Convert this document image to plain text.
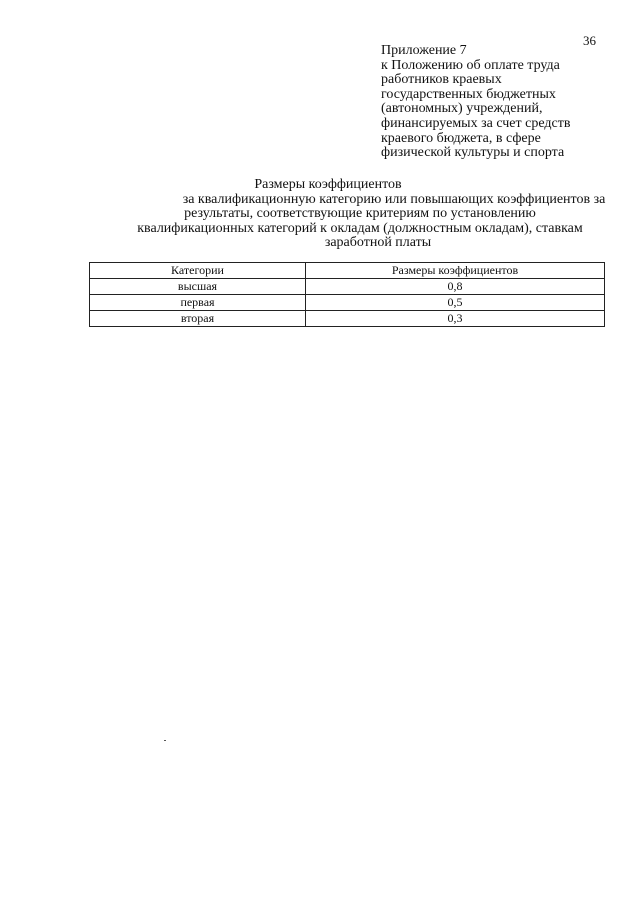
36
Приложение 7
к Положению об оплате труда
работников краевых
государственных бюджетных
(автономных) учреждений,
финансируемых за счет средств
краевого бюджета, в сфере
физической культуры и спорта
Размеры коэффициентов
за квалификационную категорию или повышающих коэффициентов за
результаты, соответствующие критериям по установлению
квалификационных категорий к окладам (должностным окладам), ставкам
заработной платы
Категории	Размеры коэффициентов
высшая	0,8
первая	0,5
вторая	0,3
